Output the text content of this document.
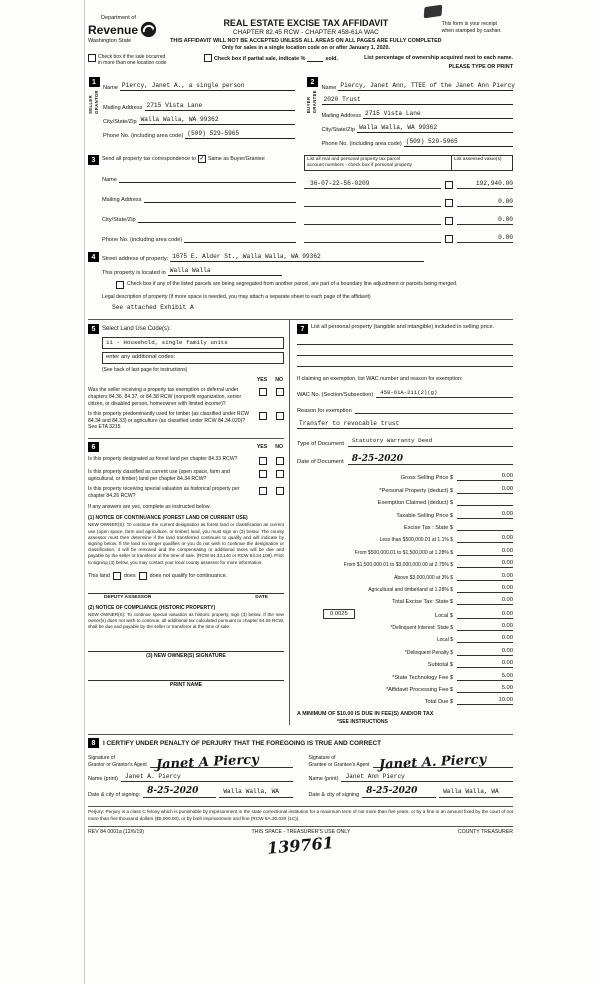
Department of
Revenue
Washington State
REAL ESTATE EXCISE TAX AFFIDAVIT
CHAPTER 82.45 RCW - CHAPTER 458-61A WAC
THIS AFFIDAVIT WILL NOT BE ACCEPTED UNLESS ALL AREAS ON ALL PAGES ARE FULLY COMPLETED
Only for sales in a single location code on or after January 1, 2020.
This form is your receipt
when stamped by cashier.
Check box if the sale occurred
in more than one location code
Check box if partial sale, indicate %	sold.	List percentage of ownership acquired next to each name.
PLEASE TYPE OR PRINT
1
SELLER GRANTOR
Name Piercy, Janet A., a single person
Mailing Address 2715 Vista Lane
City/State/Zip Walla Walla, WA 99362
Phone No. (including area code) (509) 529-5965
2
BUYER GRANTEE
Name Piercy, Janet Ann, TTEE of the Janet Ann Piercy
2020 Trust
Mailing Address 2715 Vista Lane
City/State/Zip Walla Walla, WA 99362
Phone No. (including area code) (509) 529-5965
3	Send all property tax correspondence to ✓ Same as Buyer/Grantee
Name
Mailing Address
City/State/Zip
Phone No. (including area code)
List all real and personal property tax parcel
account numbers - check box if personal property
List assessed value(s)
36-07-22-56-0209	192,940.00
0.00
0.00
0.00
4	Street address of property: 1675 E. Alder St., Walla Walla, WA 99362
This property is located in Walla Walla
Check box if any of the listed parcels are being segregated from another parcel, are part of a boundary line adjustment or parcels being merged.
Legal description of property (if more space is needed, you may attach a separate sheet to each page of the affidavit)
See attached Exhibit A
5	Select Land Use Code(s):
11 - Household, single family units
enter any additional codes:
(See back of last page for instructions)
YES NO
Was the seller receiving a property tax exemption or deferral under chapters 84.36, 84.37, or 84.38 RCW (nonprofit organization, senior citizen, or disabled person, homeowner with limited income)?
Is this property predominantly used for timber (as classified under RCW 84.34 and 84.33) or agriculture (as classified under RCW 84.34.020)? See ETA 3215
6	YES NO
Is this property designated as forest land per chapter 84.33 RCW?
Is this property classified as current use (open space, farm and agricultural, or timber) land per chapter 84.34 RCW?
Is this property receiving special valuation as historical property per chapter 84.26 RCW?
If any answers are yes, complete as instructed below.
(1) NOTICE OF CONTINUANCE (FOREST LAND OR CURRENT USE)
NEW OWNER(S): To continue the current designation as forest land or classification as current use (open space, farm and agriculture, or timber) land, you must sign on (3) below. The county assessor must then determine if the land transferred continues to qualify and will indicate by signing below. If the land no longer qualifies or you do not wish to continue the designation or classification, it will be removed and the compensating or additional taxes will be due and payable by the seller or transferor at the time of sale. (RCW 84.33.140 or RCW 84.34.108). Prior to signing (3) below, you may contact your local county assessor for more information.
This land	does	does not qualify for continuance.
DEPUTY ASSESSOR	DATE
(2) NOTICE OF COMPLIANCE (HISTORIC PROPERTY)
NEW OWNER(S): To continue special valuation as historic property, sign (3) below. If the new owner(s) does not wish to continue, all additional tax calculated pursuant to chapter 84.26 RCW, shall be due and payable by the seller or transferor at the time of sale.
(3) NEW OWNER(S) SIGNATURE
PRINT NAME
7	List all personal property (tangible and intangible) included in selling price.
If claiming an exemption, list WAC number and reason for exemption:
WAC No. (Section/Subsection)	458-61A-211(2)(g)
Reason for exemption
Transfer to revocable trust
Type of Document	Statutory Warranty Deed
Date of Document 8-25-2020
Gross Selling Price $	0.00
*Personal Property (deduct) $	0.00
Exemption Claimed (deduct) $
Taxable Selling Price $	0.00
Excise Tax : State $
Less than $500,000.01 at 1.1% $	0.00
From $500,000.01 to $1,500,000 at 1.28% $	0.00
From $1,500,000.01 to $3,000,000.00 at 2.75% $	0.00
Above $3,000,000 at 3% $	0.00
Agricultural and timberland at 1.28% $	0.00
Total Excise Tax: State $	0.00
0.0025	Local $	0.00
*Delinquent Interest: State $	0.00
Local $	0.00
*Delinquent Penalty $	0.00
Subtotal $	0.00
*State Technology Fee $	5.00
*Affidavit Processing Fee $	5.00
Total Due $	10.00
A MINIMUM OF $10.00 IS DUE IN FEE(S) AND/OR TAX
*SEE INSTRUCTIONS
8	I CERTIFY UNDER PENALTY OF PERJURY THAT THE FOREGOING IS TRUE AND CORRECT
Signature of
Grantor or Grantor's Agent Janet A Piercy
Name (print)	Janet A. Piercy
Date & city of signing: 8-25-2020	Walla Walla, WA
Signature of
Grantee or Grantee's Agent Janet A. Piercy
Name (print)	Janet Ann Piercy
Date & city of signing 8-25-2020	Walla Walla, WA
Perjury: Perjury is a class C felony which is punishable by imprisonment in the state correctional institution for a maximum term of not more than five years, or by a fine in an amount fixed by the court of not more than five thousand dollars ($5,000.00), or by both imprisonment and fine (RCW 9A.20.020 (1C)).
REV 84 0001a (12/6/19)	THIS SPACE - TREASURER'S USE ONLY	COUNTY TREASURER
139761
